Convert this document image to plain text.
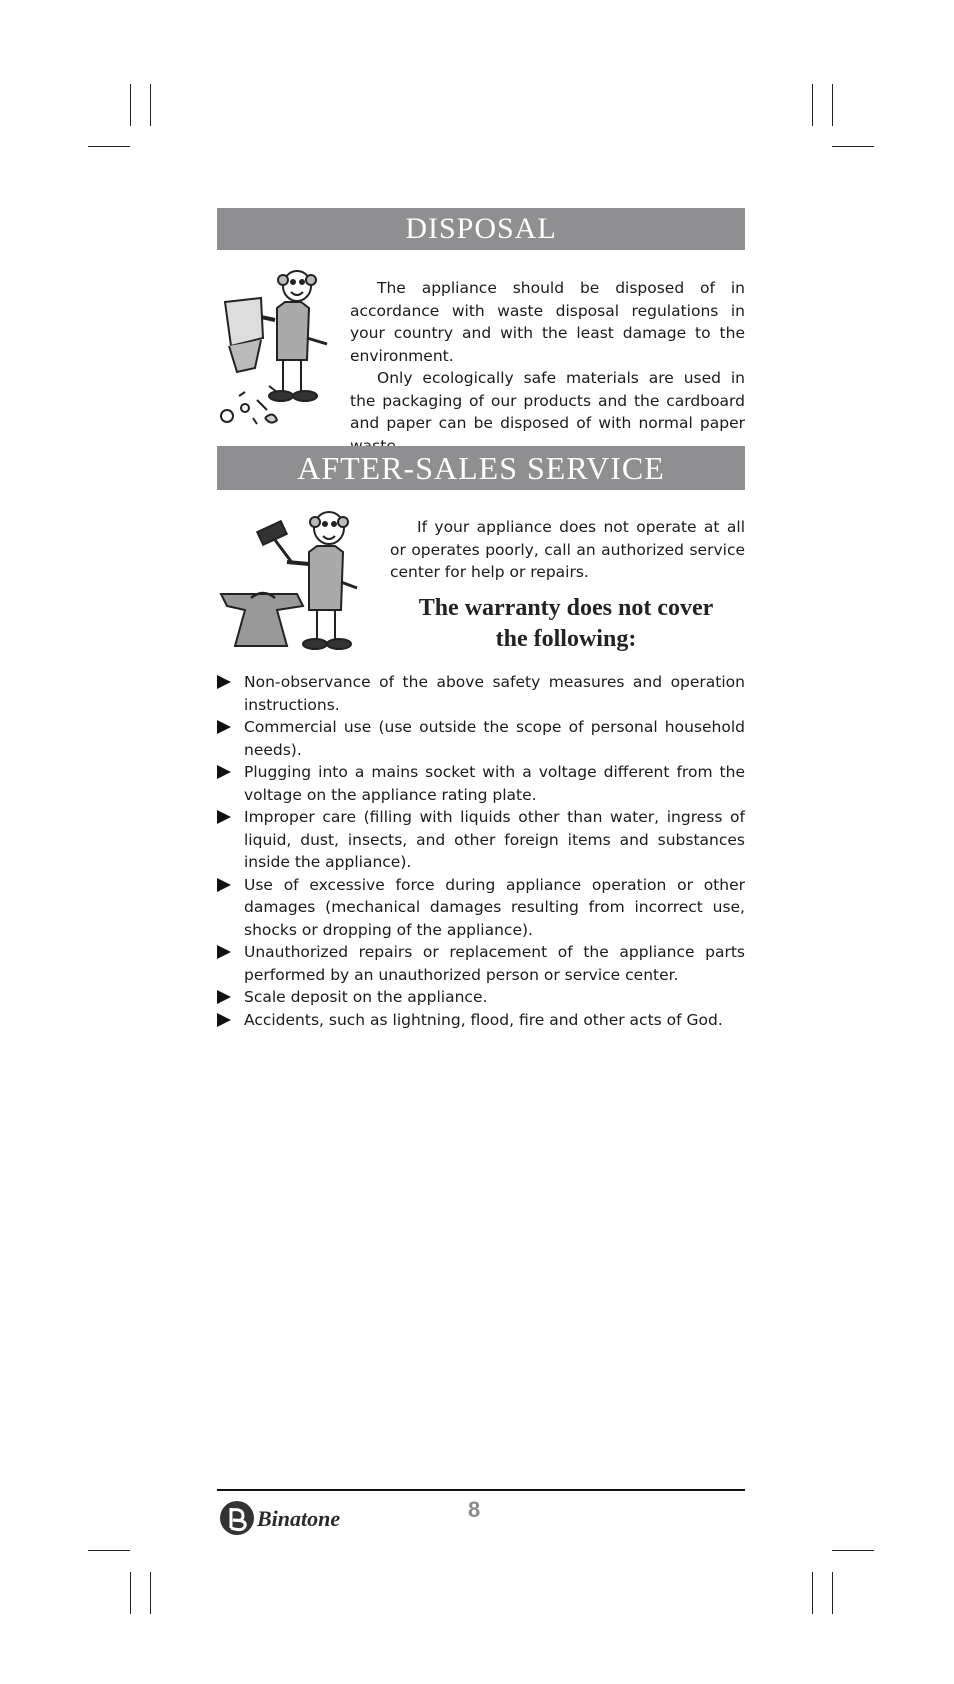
DISPOSAL

The appliance should be disposed of in accordance with waste disposal regulations in your country and with the least damage to the environment.

Only ecologically safe materials are used in the packaging of our products and the cardboard and paper can be disposed of with normal paper

AFTER-SALES SERVICE

If your appliance does not operate at all or operates poorly, call an authorized service center for help or repairs.

The warranty does not cover
the following:
Non-observance of the above safety measures and operation instructions.
Commercial use (use outside the scope of personal household needs).
Plugging into a mains socket with a voltage different from the voltage on the appliance rating plate.
Improper care (filling with liquids other than water, ingress of liquid, dust, insects, and other foreign items and substances inside the appliance).
Use of excessive force during appliance operation or other damages (mechanical damages resulting from incorrect use, shocks or dropping of the appliance).
Unauthorized repairs or replacement of the appliance parts performed by an unauthorized person or service center.
Scale deposit on the appliance.
Accidents, such as lightning, flood, fire and other acts of God.
Binatone	8
